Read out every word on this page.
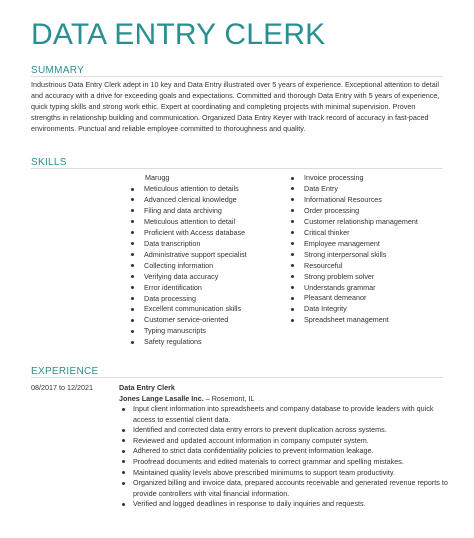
DATA ENTRY CLERK
SUMMARY

Industrious Data Entry Clerk adept in 10 key and Data Entry illustrated over 5 years of experience. Exceptional attention to detail and accuracy with a drive for exceeding goals and expectations. Committed and thorough Data Entry with 5 years of experience, quick typing skills and strong work ethic. Expert at coordinating and completing projects with minimal supervision. Proven strengths in relationship building and communication. Organized Data Entry Keyer with track record of accuracy in fast-paced environments. Punctual and reliable employee committed to thoroughness and quality.

SKILLS
Marugg
Meticulous attention to details
Advanced clerical knowledge
Filing and data archiving
Meticulous attention to detail
Proficient with Access database
Data transcription
Administrative support specialist
Collecting information
Verifying data accuracy
Error identification
Data processing
Excellent communication skills
Customer service-oriented
Typing manuscripts
Safety regulations
Invoice processing
Data Entry
Informational Resources
Order processing
Customer relationship management
Critical thinker
Employee management
Strong interpersonal skills
Resourceful
Strong problem solver
Understands grammar
Pleasant demeanor
Data Integrity
Spreadsheet management
EXPERIENCE
08/2017 to 12/2021	Data Entry Clerk
Jones Lange Lasalle Inc. – Rosemont, IL
Input client information into spreadsheets and company database to provide leaders with quick access to essential client data.
Identified and corrected data entry errors to prevent duplication across systems.
Reviewed and updated account information in company computer system.
Adhered to strict data confidentiality policies to prevent information leakage.
Proofread documents and edited materials to correct grammar and spelling mistakes.
Maintained quality levels above prescribed minimums to support team productivity.
Organized billing and invoice data, prepared accounts receivable and generated revenue reports to provide controllers with vital financial information.
Verified and logged deadlines in response to daily inquiries and requests.
